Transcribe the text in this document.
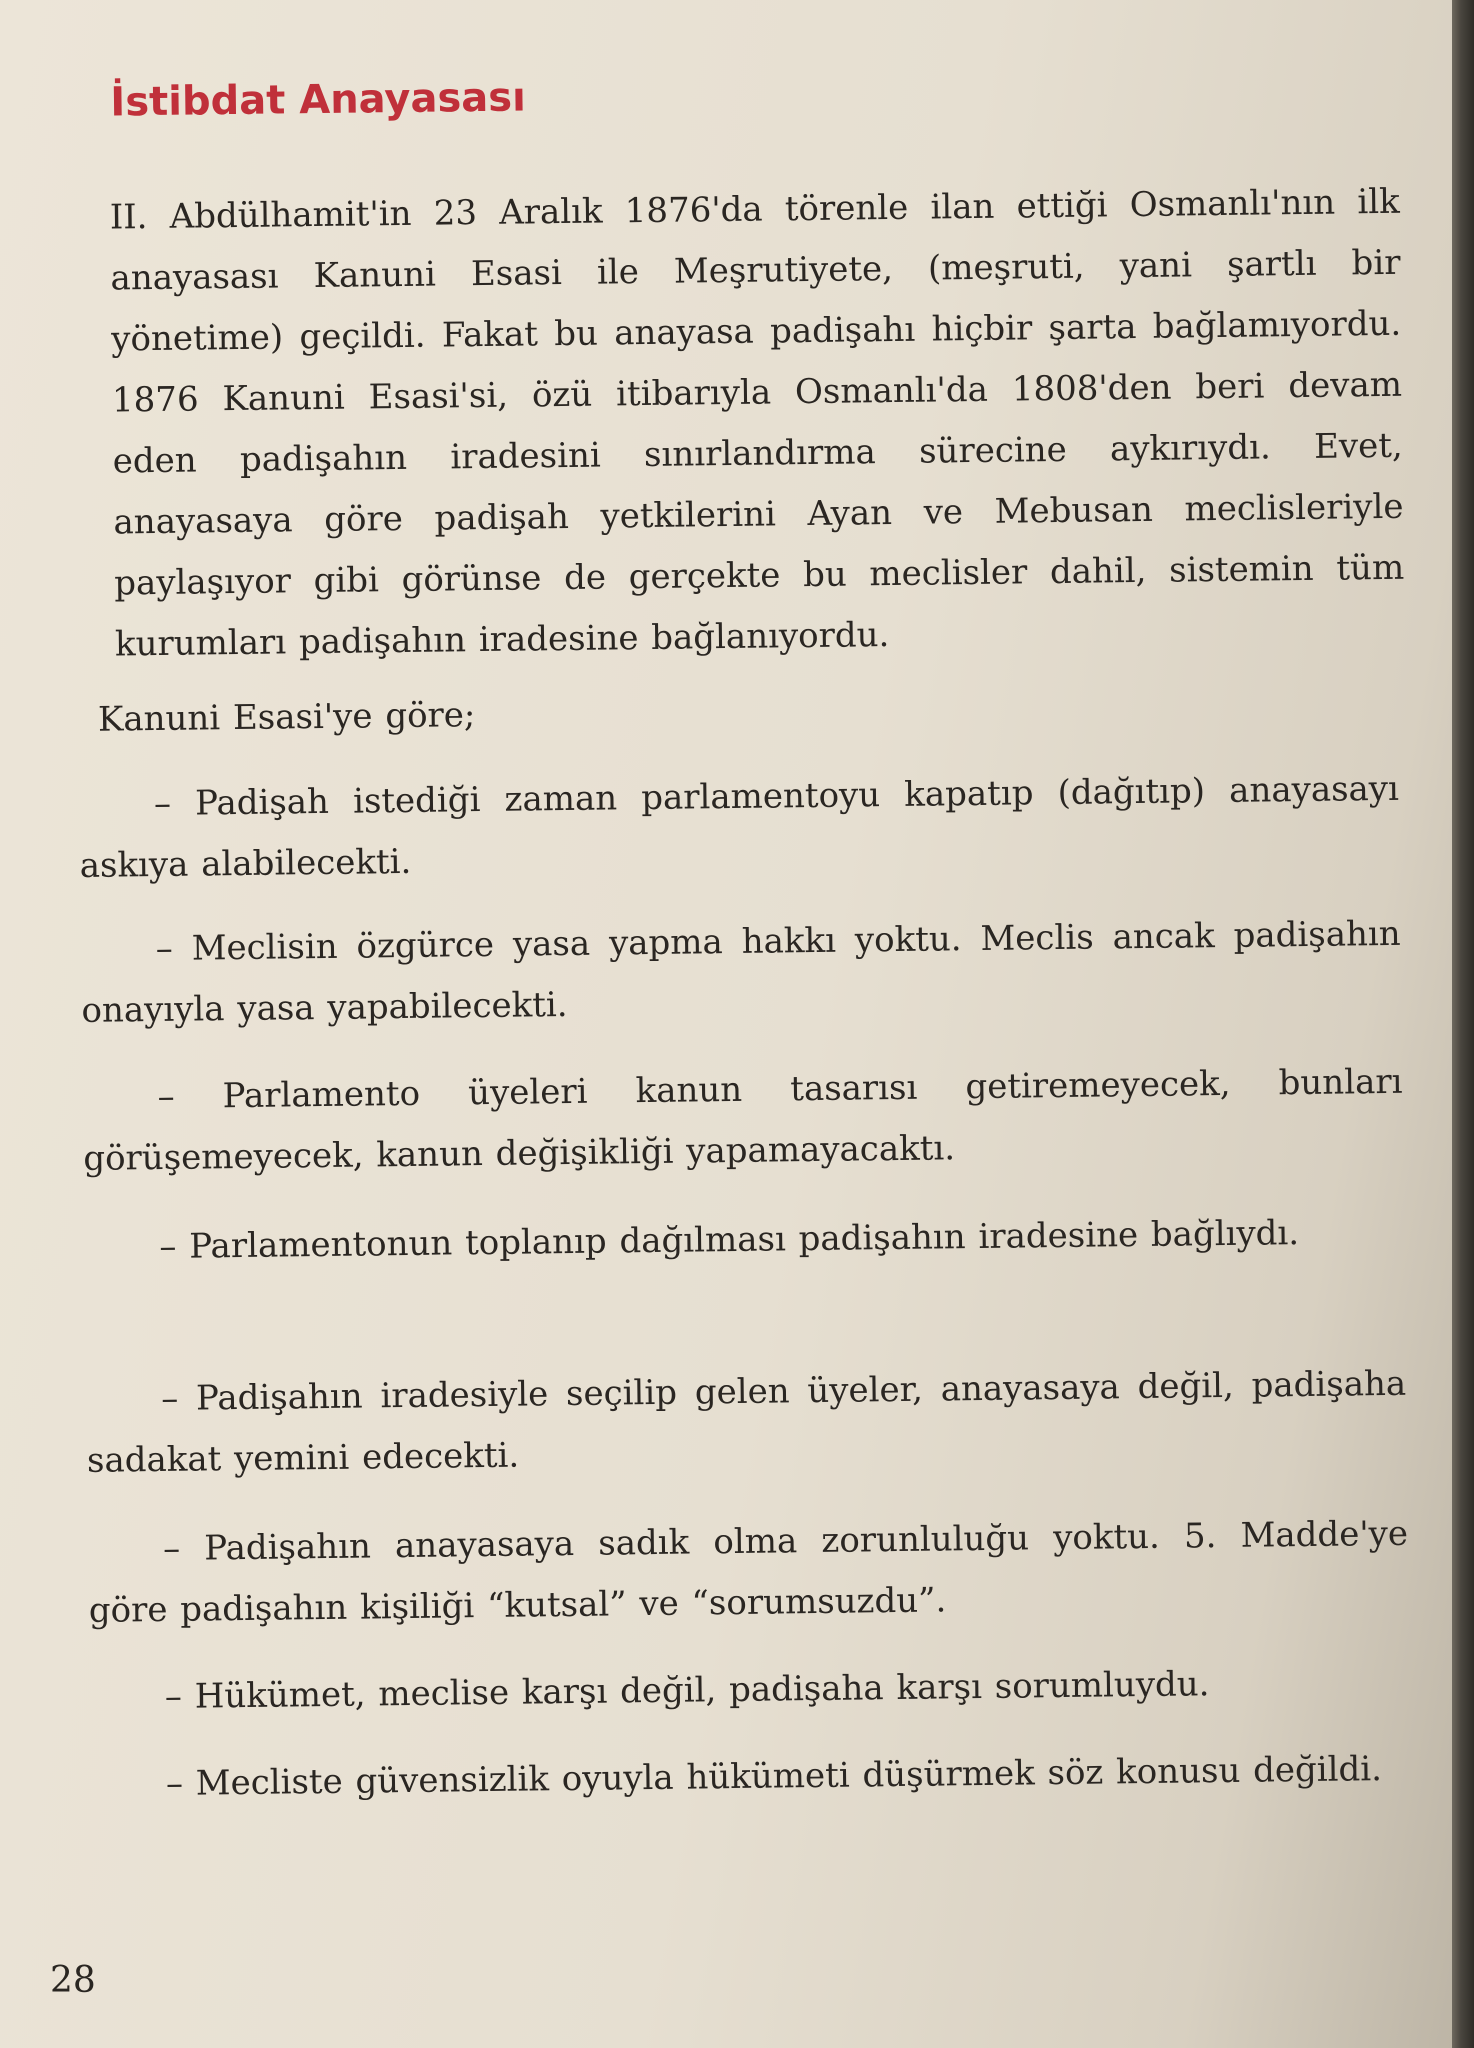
İstibdat Anayasası

II. Abdülhamit'in 23 Aralık 1876'da törenle ilan ettiği Osmanlı'nın ilk anayasası Kanuni Esasi ile Meşrutiyete, (meşruti, yani şartlı bir yönetime) geçildi. Fakat bu anayasa padişahı hiçbir şarta bağlamıyordu. 1876 Kanuni Esasi'si, özü itibarıyla Osmanlı'da 1808'den beri devam eden padişahın iradesini sınırlandırma sürecine aykırıydı. Evet, anayasaya göre padişah yetkilerini Ayan ve Mebusan meclisleriyle paylaşıyor gibi görünse de gerçekte bu meclisler dahil, sistemin tüm kurumları padişahın iradesine bağlanıyordu.

Kanuni Esasi'ye göre;

– Padişah istediği zaman parlamentoyu kapatıp (dağıtıp) anayasayı askıya alabilecekti.

– Meclisin özgürce yasa yapma hakkı yoktu. Meclis ancak padişahın onayıyla yasa yapabilecekti.

– Parlamento üyeleri kanun tasarısı getiremeyecek, bunları görüşemeyecek, kanun değişikliği yapamayacaktı.

– Parlamentonun toplanıp dağılması padişahın iradesine bağlıydı.

– Padişahın iradesiyle seçilip gelen üyeler, anayasaya değil, padişaha sadakat yemini edecekti.

– Padişahın anayasaya sadık olma zorunluluğu yoktu. 5. Madde'ye göre padişahın kişiliği “kutsal” ve “sorumsuzdu”.

– Hükümet, meclise karşı değil, padişaha karşı sorumluydu.

– Mecliste güvensizlik oyuyla hükümeti düşürmek söz konusu değildi.

28
